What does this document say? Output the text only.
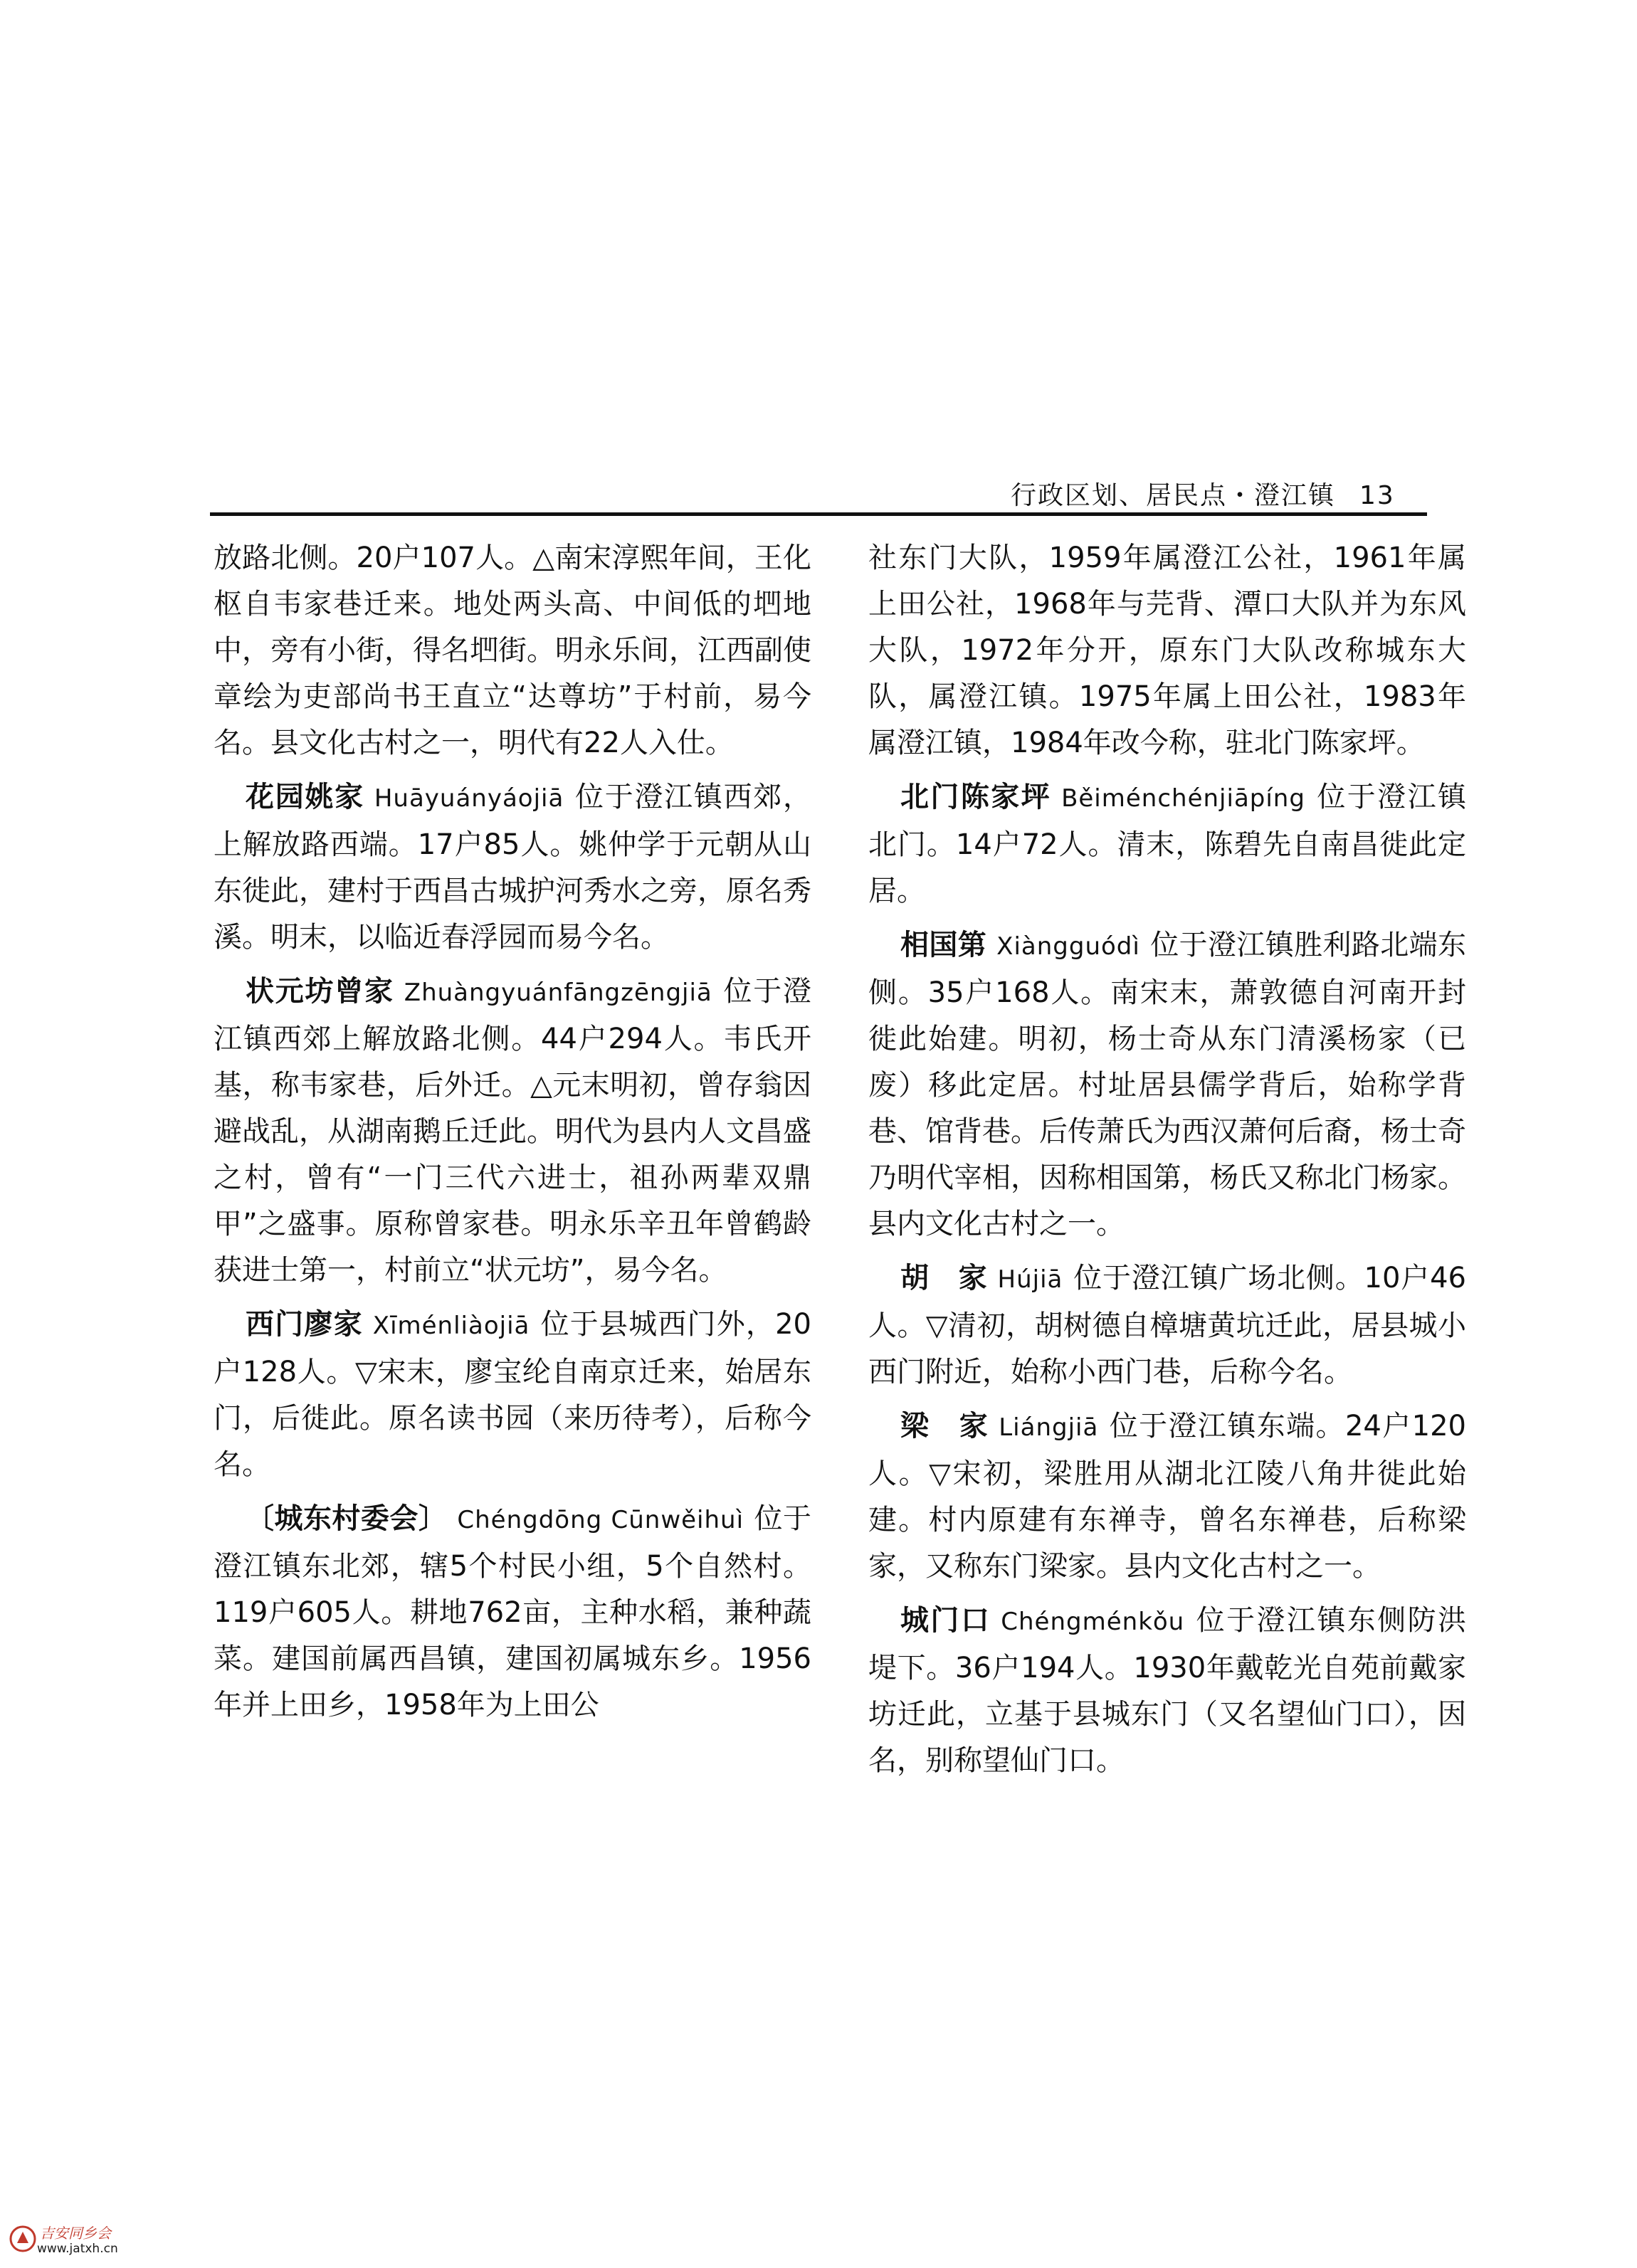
行政区划、居民点・澄江镇 13

放路北侧。20户107人。△南宋淳熙年间，王化枢自韦家巷迁来。地处两头高、中间低的垇地中，旁有小街，得名垇街。明永乐间，江西副使章绘为吏部尚书王直立“达尊坊”于村前，易今名。县文化古村之一，明代有22人入仕。

花园姚家 Huāyuányáojiā 位于澄江镇西郊，上解放路西端。17户85人。姚仲学于元朝从山东徙此，建村于西昌古城护河秀水之旁，原名秀溪。明末，以临近春浮园而易今名。

状元坊曾家 Zhuàngyuánfāngzēngjiā 位于澄江镇西郊上解放路北侧。44户294人。韦氏开基，称韦家巷，后外迁。△元末明初，曾存翁因避战乱，从湖南鹅丘迁此。明代为县内人文昌盛之村，曾有“一门三代六进士，祖孙两辈双鼎甲”之盛事。原称曾家巷。明永乐辛丑年曾鹤龄获进士第一，村前立“状元坊”，易今名。

西门廖家 Xīménliàojiā 位于县城西门外，20户128人。▽宋末，廖宝纶自南京迁来，始居东门，后徙此。原名读书园（来历待考），后称今名。

〔城东村委会〕 Chéngdōng Cūnwěihuì 位于澄江镇东北郊，辖5个村民小组，5个自然村。119户605人。耕地762亩，主种水稻，兼种蔬菜。建国前属西昌镇，建国初属城东乡。1956年并上田乡，1958年为上田公

社东门大队，1959年属澄江公社，1961年属上田公社，1968年与芫背、潭口大队并为东风大队，1972年分开，原东门大队改称城东大队，属澄江镇。1975年属上田公社，1983年属澄江镇，1984年改今称，驻北门陈家坪。

北门陈家坪 Běiménchénjiāpíng 位于澄江镇北门。14户72人。清末，陈碧先自南昌徙此定居。

相国第 Xiàngguódì 位于澄江镇胜利路北端东侧。35户168人。南宋末，萧敦德自河南开封徙此始建。明初，杨士奇从东门清溪杨家（已废）移此定居。村址居县儒学背后，始称学背巷、馆背巷。后传萧氏为西汉萧何后裔，杨士奇乃明代宰相，因称相国第，杨氏又称北门杨家。县内文化古村之一。

胡　家 Hújiā 位于澄江镇广场北侧。10户46人。▽清初，胡树德自樟塘黄坑迁此，居县城小西门附近，始称小西门巷，后称今名。

梁　家 Liángjiā 位于澄江镇东端。24户120人。▽宋初，梁胜用从湖北江陵八角井徙此始建。村内原建有东禅寺，曾名东禅巷，后称梁家，又称东门梁家。县内文化古村之一。

城门口 Chéngménkǒu 位于澄江镇东侧防洪堤下。36户194人。1930年戴乾光自苑前戴家坊迁此，立基于县城东门（又名望仙门口），因名，别称望仙门口。

吉安同乡会
www.jatxh.cn
